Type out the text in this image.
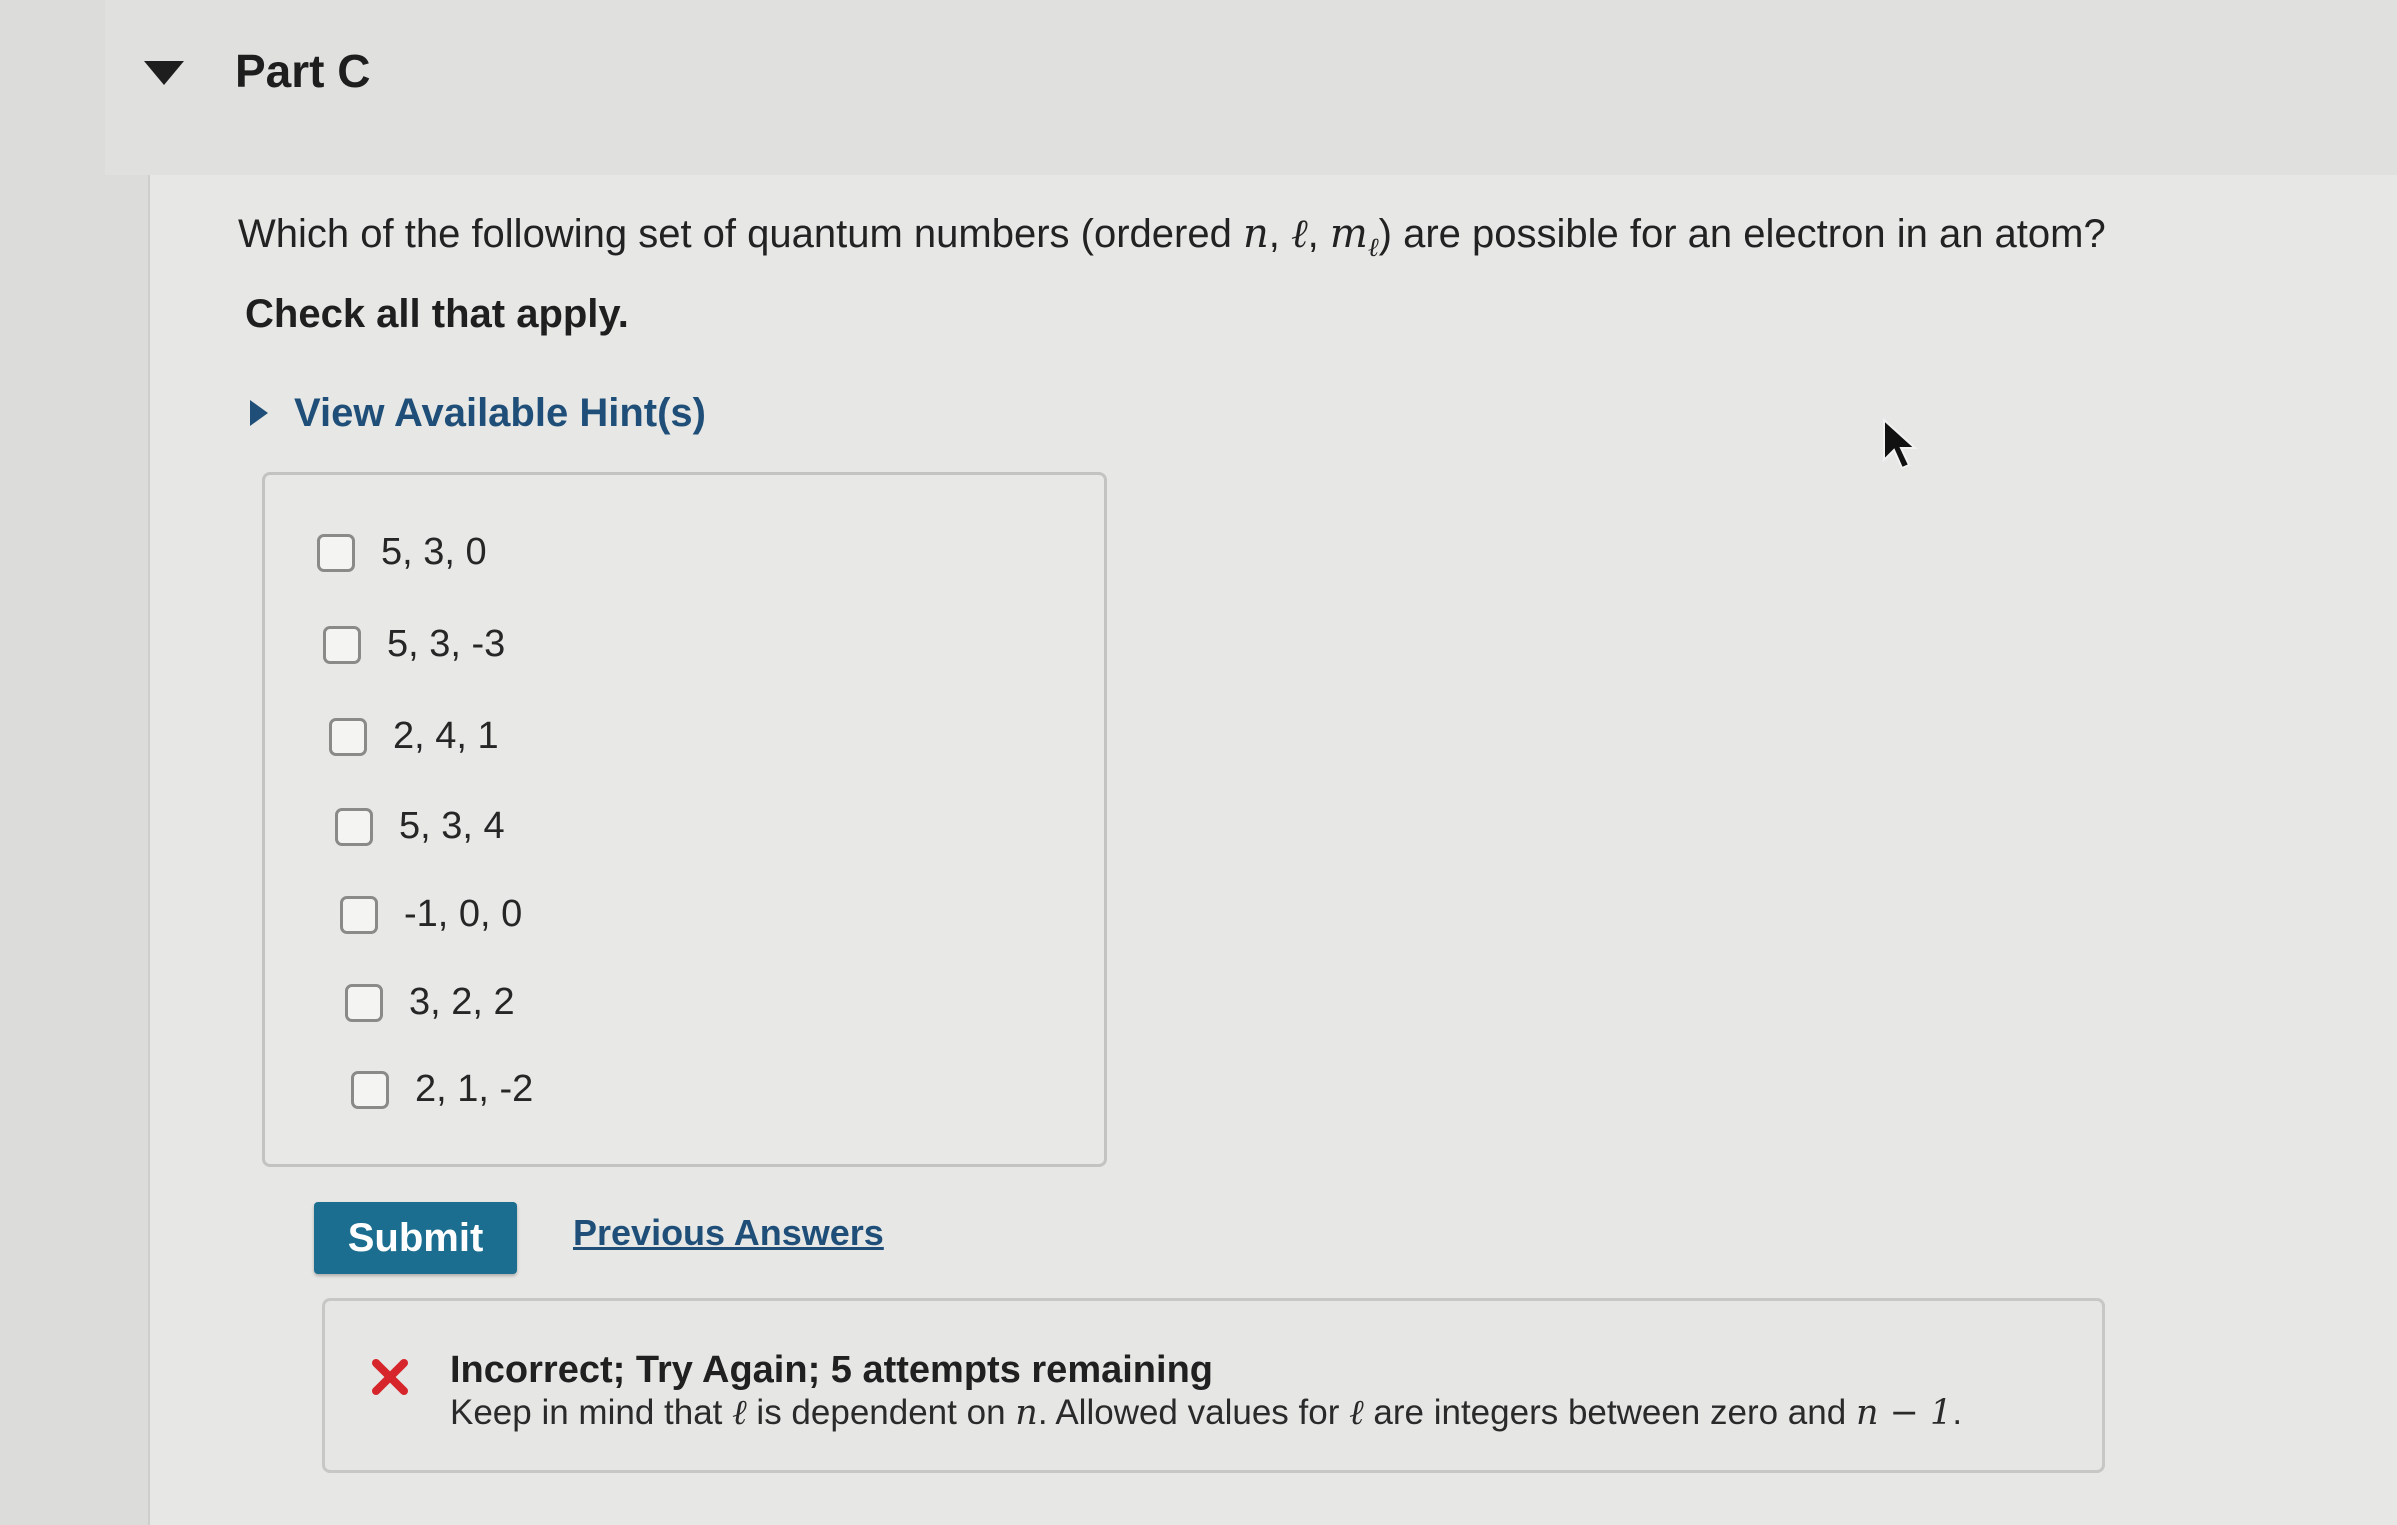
Part C
Which of the following set of quantum numbers (ordered n, ℓ, $m_\ell$) are possible for an electron in an atom?
Check all that apply.
View Available Hint(s)
5, 3, 0
5, 3, -3
2, 4, 1
5, 3, 4
-1, 0, 0
3, 2, 2
2, 1, -2
Submit	Previous Answers
Incorrect; Try Again; 5 attempts remaining
Keep in mind that ℓ is dependent on n. Allowed values for ℓ are integers between zero and n − 1.
